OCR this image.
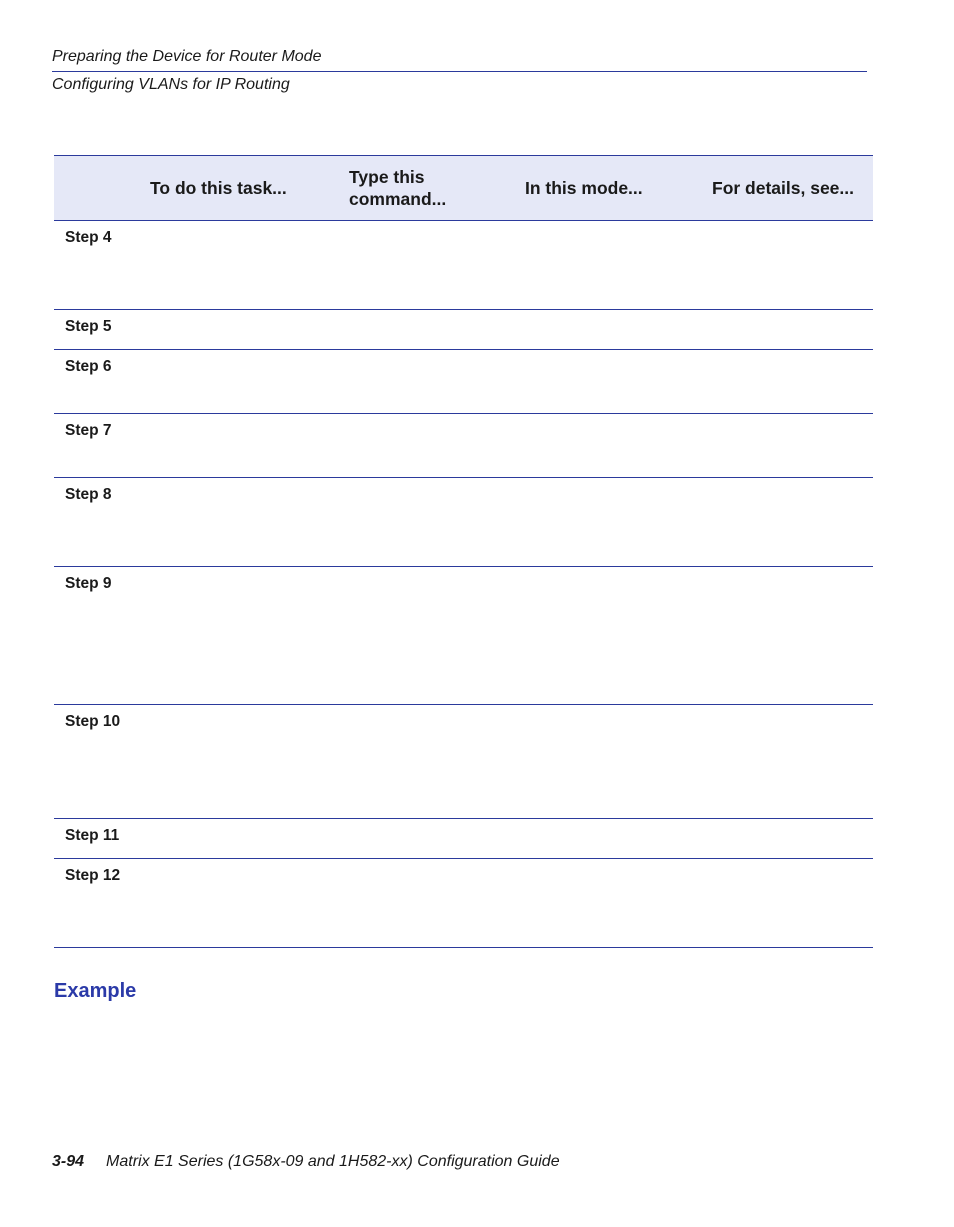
Preparing the Device for Router Mode
Configuring VLANs for IP Routing
	To do this task...	Type this command...	In this mode...	For details, see...
Step 4				
Step 5				
Step 6				
Step 7				
Step 8				
Step 9				
Step 10				
Step 11				
Step 12				
Example
3-94 Matrix E1 Series (1G58x-09 and 1H582-xx) Configuration Guide
